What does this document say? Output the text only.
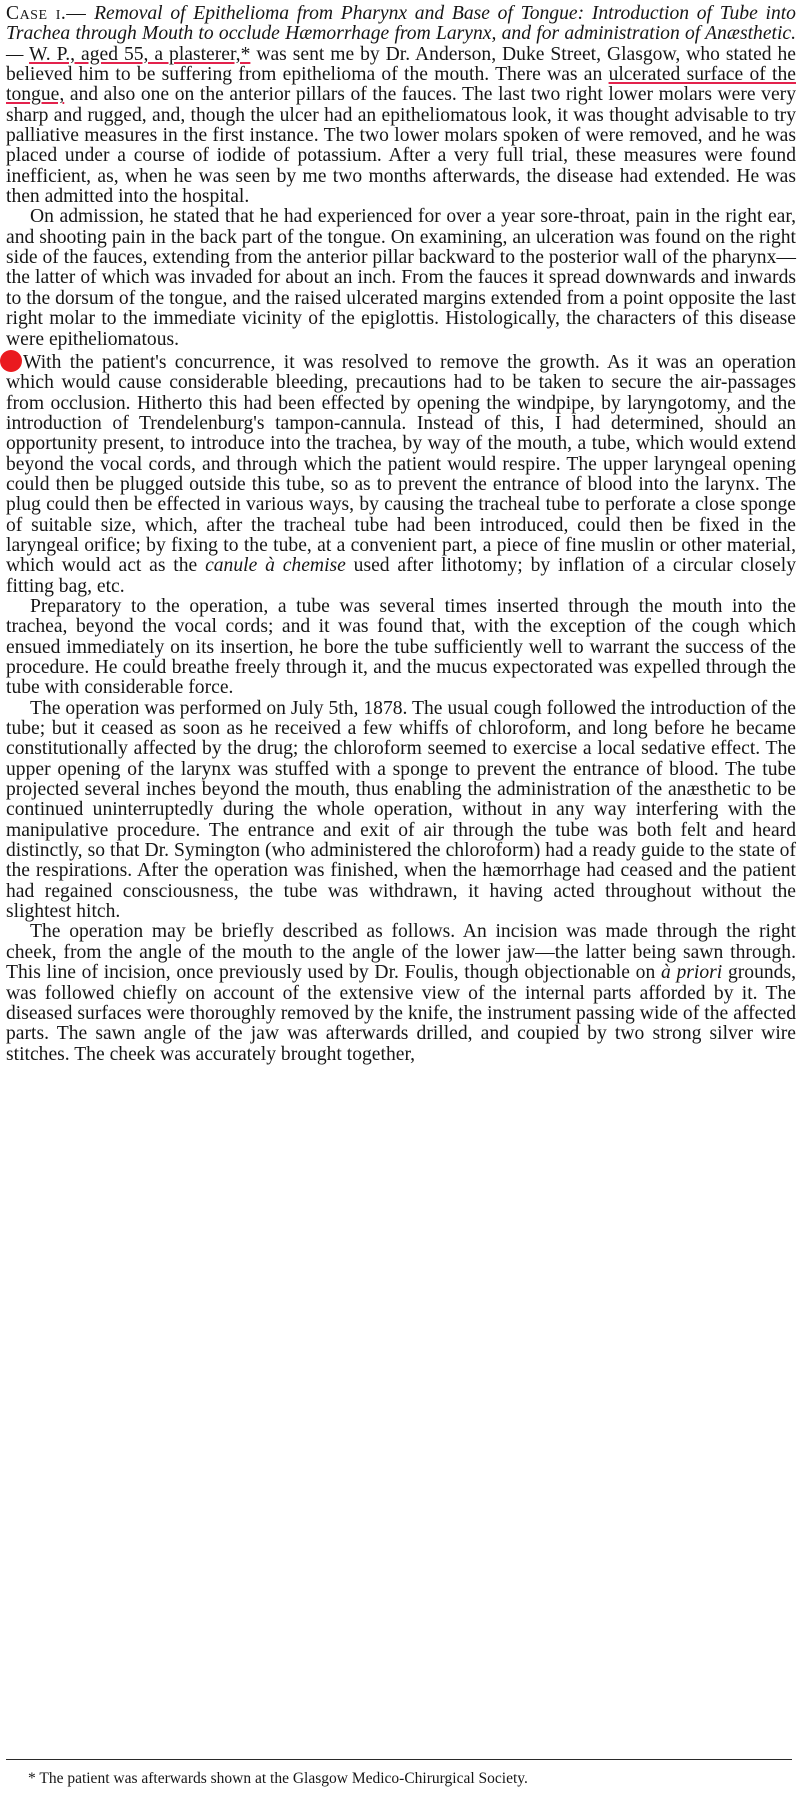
Case i.— Removal of Epithelioma from Pharynx and Base of Tongue: Introduction of Tube into Trachea through Mouth to occlude Hæmorrhage from Larynx, and for administration of Anæsthetic.— W. P., aged 55, a plasterer,* was sent me by Dr. Anderson, Duke Street, Glasgow, who stated he believed him to be suffering from epithelioma of the mouth. There was an ulcerated surface of the tongue, and also one on the anterior pillars of the fauces. The last two right lower molars were very sharp and rugged, and, though the ulcer had an epitheliomatous look, it was thought advisable to try palliative measures in the first instance. The two lower molars spoken of were removed, and he was placed under a course of iodide of potassium. After a very full trial, these measures were found inefficient, as, when he was seen by me two months afterwards, the disease had extended. He was then admitted into the hospital.

On admission, he stated that he had experienced for over a year sore-throat, pain in the right ear, and shooting pain in the back part of the tongue. On examining, an ulceration was found on the right side of the fauces, extending from the anterior pillar backward to the posterior wall of the pharynx—the latter of which was invaded for about an inch. From the fauces it spread downwards and inwards to the dorsum of the tongue, and the raised ulcerated margins extended from a point opposite the last right molar to the immediate vicinity of the epiglottis. Histologically, the characters of this disease were epitheliomatous.

With the patient's concurrence, it was resolved to remove the growth. As it was an operation which would cause considerable bleeding, precautions had to be taken to secure the air-passages from occlusion. Hitherto this had been effected by opening the windpipe, by laryngotomy, and the introduction of Trendelenburg's tampon-cannula. Instead of this, I had determined, should an opportunity present, to introduce into the trachea, by way of the mouth, a tube, which would extend beyond the vocal cords, and through which the patient would respire. The upper laryngeal opening could then be plugged outside this tube, so as to prevent the entrance of blood into the larynx. The plug could then be effected in various ways, by causing the tracheal tube to perforate a close sponge of suitable size, which, after the tracheal tube had been introduced, could then be fixed in the laryngeal orifice; by fixing to the tube, at a convenient part, a piece of fine muslin or other material, which would act as the canule à chemise used after lithotomy; by inflation of a circular closely fitting bag, etc.

Preparatory to the operation, a tube was several times inserted through the mouth into the trachea, beyond the vocal cords; and it was found that, with the exception of the cough which ensued immediately on its insertion, he bore the tube sufficiently well to warrant the success of the procedure. He could breathe freely through it, and the mucus expectorated was expelled through the tube with considerable force.

The operation was performed on July 5th, 1878. The usual cough followed the introduction of the tube; but it ceased as soon as he received a few whiffs of chloroform, and long before he became constitutionally affected by the drug; the chloroform seemed to exercise a local sedative effect. The upper opening of the larynx was stuffed with a sponge to prevent the entrance of blood. The tube projected several inches beyond the mouth, thus enabling the administration of the anæsthetic to be continued uninterruptedly during the whole operation, without in any way interfering with the manipulative procedure. The entrance and exit of air through the tube was both felt and heard distinctly, so that Dr. Symington (who administered the chloroform) had a ready guide to the state of the respirations. After the operation was finished, when the hæmorrhage had ceased and the patient had regained consciousness, the tube was withdrawn, it having acted throughout without the slightest hitch.

The operation may be briefly described as follows. An incision was made through the right cheek, from the angle of the mouth to the angle of the lower jaw—the latter being sawn through. This line of incision, once previously used by Dr. Foulis, though objectionable on à priori grounds, was followed chiefly on account of the extensive view of the internal parts afforded by it. The diseased surfaces were thoroughly removed by the knife, the instrument passing wide of the affected parts. The sawn angle of the jaw was afterwards drilled, and coupied by two strong silver wire stitches. The cheek was accurately brought together,

* The patient was afterwards shown at the Glasgow Medico-Chirurgical Society.
